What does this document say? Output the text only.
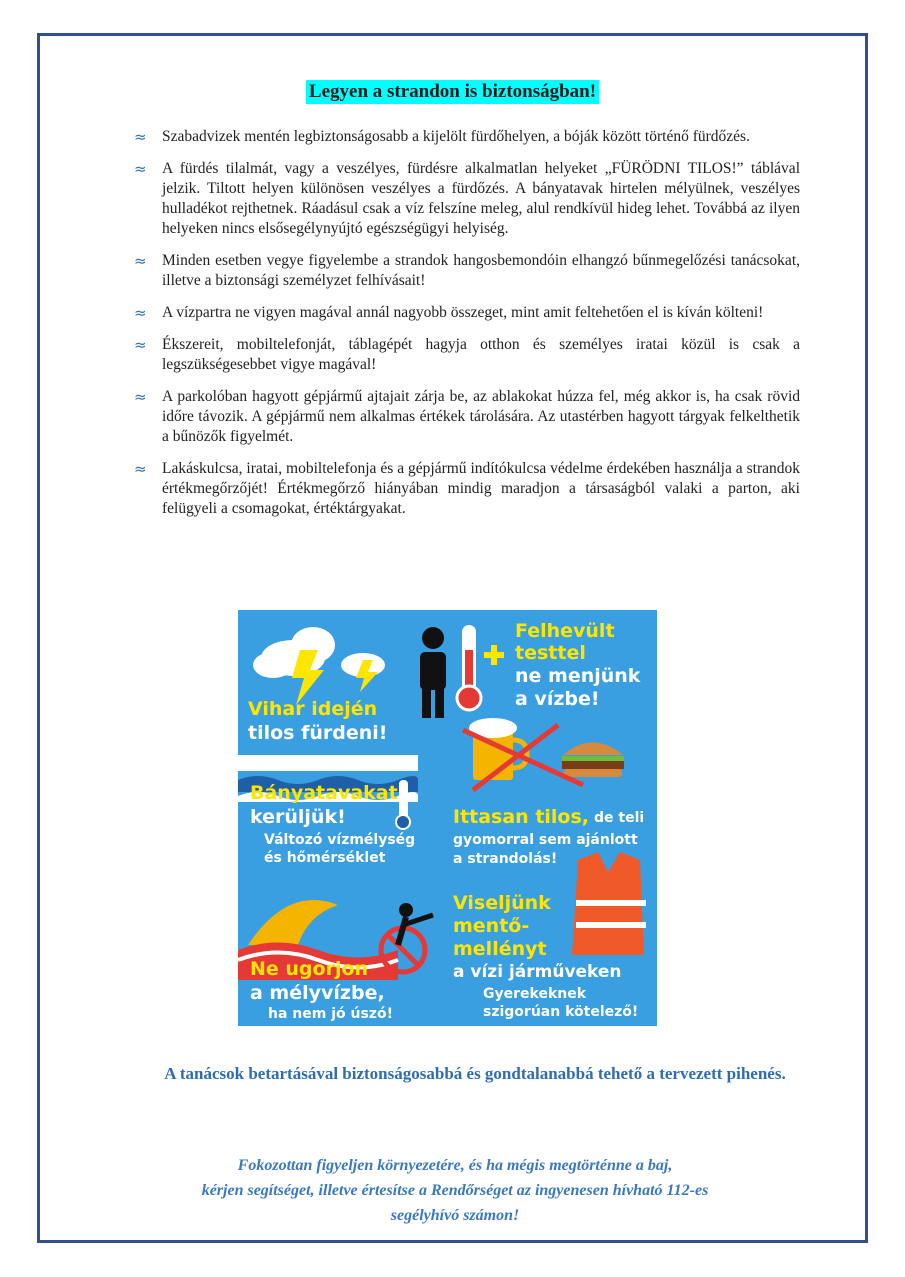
Legyen a strandon is biztonságban!
≈ Szabadvizek mentén legbiztonságosabb a kijelölt fürdőhelyen, a bóják között történő fürdőzés.
≈ A fürdés tilalmát, vagy a veszélyes, fürdésre alkalmatlan helyeket „FÜRÖDNI TILOS!” táblával jelzik. Tiltott helyen különösen veszélyes a fürdőzés. A bányatavak hirtelen mélyülnek, veszélyes hulladékot rejthetnek. Ráadásul csak a víz felszíne meleg, alul rendkívül hideg lehet. Továbbá az ilyen helyeken nincs elsősegélynyújtó egészségügyi helyiség.
≈ Minden esetben vegye figyelembe a strandok hangosbemondóin elhangzó bűnmegelőzési tanácsokat, illetve a biztonsági személyzet felhívásait!
≈ A vízpartra ne vigyen magával annál nagyobb összeget, mint amit feltehetően el is kíván költeni!
≈ Ékszereit, mobiltelefonját, táblagépét hagyja otthon és személyes iratai közül is csak a legszükségesebbet vigye magával!
≈ A parkolóban hagyott gépjármű ajtajait zárja be, az ablakokat húzza fel, még akkor is, ha csak rövid időre távozik. A gépjármű nem alkalmas értékek tárolására. Az utastérben hagyott tárgyak felkelthetik a bűnözők figyelmét.
≈ Lakáskulcsa, iratai, mobiltelefonja és a gépjármű indítókulcsa védelme érdekében használja a strandok értékmegőrzőjét! Értékmegőrző hiányában mindig maradjon a társaságból valaki a parton, aki felügyeli a csomagokat, értéktárgyakat.
Vihar idején
tilos fürdeni!
Felhevült
testtel
ne menjünk
a vízbe!
Bányatavakat
kerüljük!
Változó vízmélység
és hőmérséklet
Ittasan tilos, de teli
gyomorral sem ajánlott
a strandolás!
Viseljünk
mentő-
mellényt
a vízi járműveken
Gyerekeknek
szigorúan kötelező!
Ne ugorjon
a mélyvízbe,
ha nem jó úszó!
A tanácsok betartásával biztonságosabbá és gondtalanabbá tehető a tervezett pihenés.
Fokozottan figyeljen környezetére, és ha mégis megtörténne a baj,
kérjen segítséget, illetve értesítse a Rendőrséget az ingyenesen hívható 112-es
segélyhívó számon!
